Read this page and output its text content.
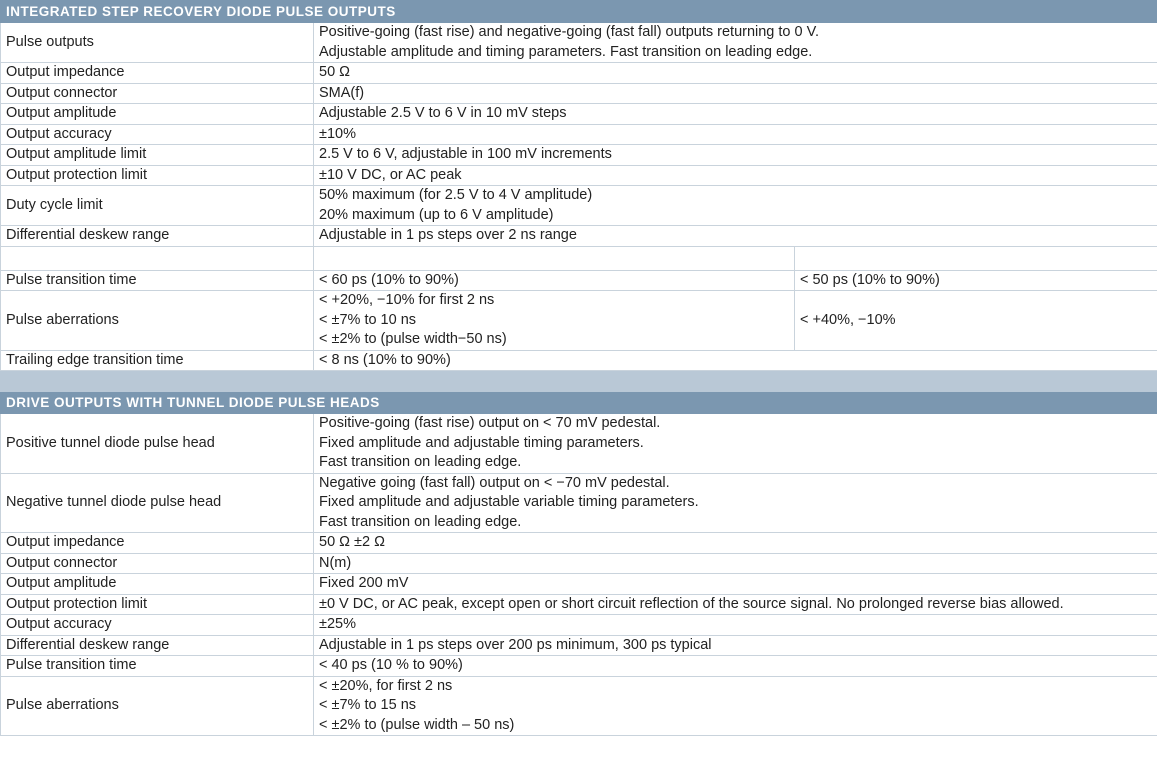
INTEGRATED STEP RECOVERY DIODE PULSE OUTPUTS		
Pulse outputs	Positive-going (fast rise) and negative-going (fast fall) outputs returning to 0 V.
Adjustable amplitude and timing parameters. Fast transition on leading edge.	

Output impedance	50 Ω	

Output connector	SMA(f)	

Output amplitude	Adjustable 2.5 V to 6 V in 10 mV steps	

Output accuracy	±10%	

Output amplitude limit	2.5 V to 6 V, adjustable in 100 mV increments	

Output protection limit	±10 V DC, or AC peak	

Duty cycle limit	50% maximum (for 2.5 V to 4 V amplitude)
20% maximum (up to 6 V amplitude)	

Differential deskew range	Adjustable in 1 ps steps over 2 ns range	

Pulse transition time	< 60 ps (10% to 90%)	< 50 ps (10% to 90%)

Pulse aberrations	< +20%, −10% for first 2 ns
< ±7% to 10 ns
< ±2% to (pulse width−50 ns)	< +40%, −10%

Trailing edge transition time	< 8 ns (10% to 90%)	

DRIVE OUTPUTS WITH TUNNEL DIODE PULSE HEADS		
Positive tunnel diode pulse head	Positive-going (fast rise) output on < 70 mV pedestal.
Fixed amplitude and adjustable timing parameters.
Fast transition on leading edge.	

Negative tunnel diode pulse head	Negative going (fast fall) output on < −70 mV pedestal.
Fixed amplitude and adjustable variable timing parameters.
Fast transition on leading edge.	

Output impedance	50 Ω ±2 Ω	

Output connector	N(m)	

Output amplitude	Fixed 200 mV	

Output protection limit	±0 V DC, or AC peak, except open or short circuit reflection of the source signal. No prolonged reverse bias allowed.	

Output accuracy	±25%	

Differential deskew range	Adjustable in 1 ps steps over 200 ps minimum, 300 ps typical	

Pulse transition time	< 40 ps (10 % to 90%)	

Pulse aberrations	< ±20%, for first 2 ns
< ±7% to 15 ns
< ±2% to (pulse width – 50 ns)	
